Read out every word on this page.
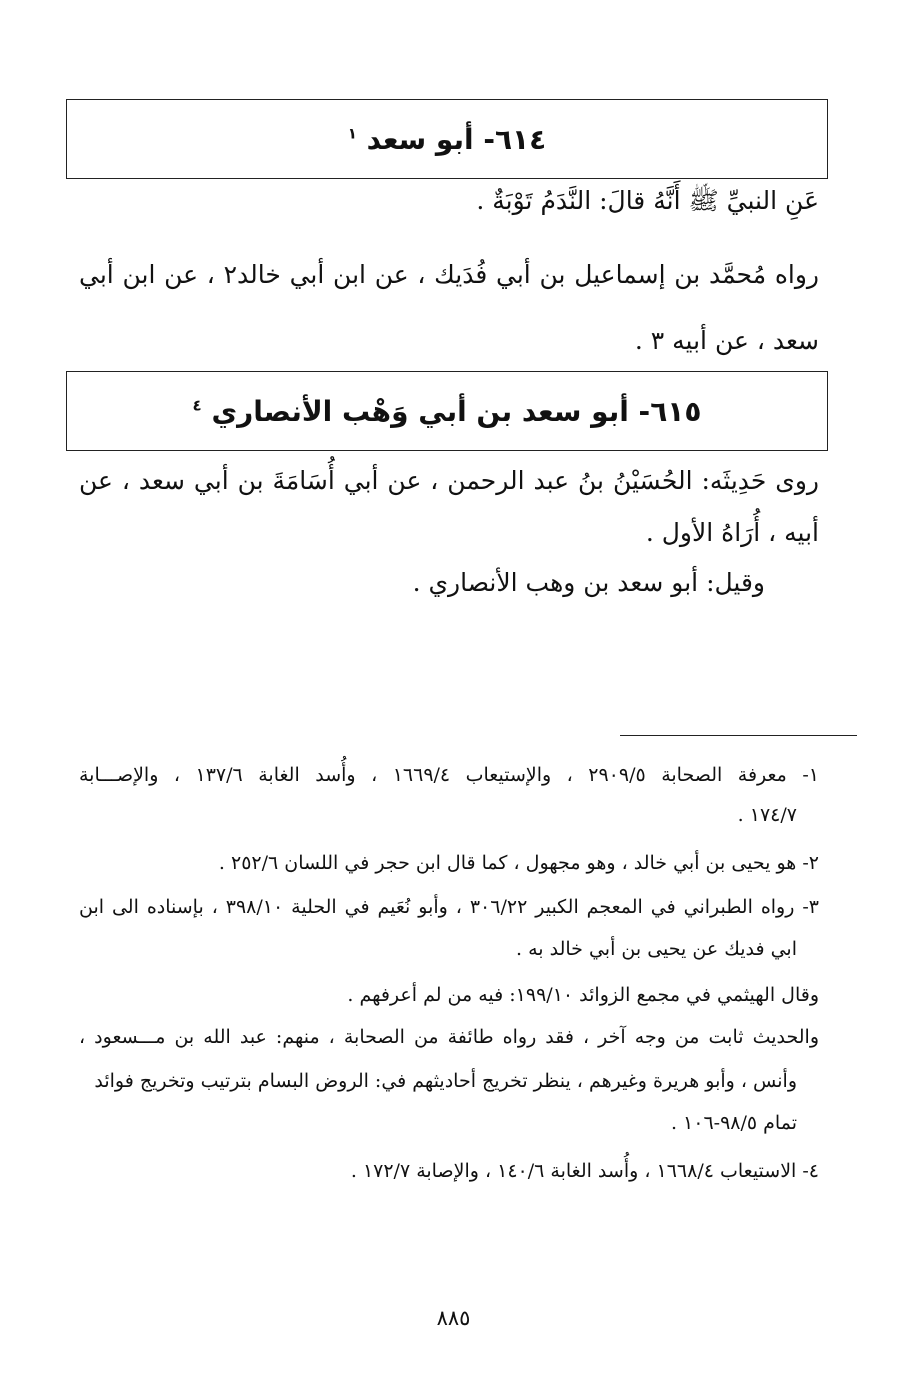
٦١٤- أبو سعد $^١$
عَنِ النبيِّ ﷺ أَنَّهُ قالَ: النَّدَمُ تَوْبَةٌ .
رواه مُحمَّد بن إسماعيل بن أبي فُدَيك ، عن ابن أبي خالد٢ ، عن ابن أبي
سعد ، عن أبيه ٣ .
٦١٥- أبو سعد بن أبي وَهْب الأنصاري $^٤$
روى حَدِيثَه: الحُسَيْنُ بنُ عبد الرحمن ، عن أبي أُسَامَةَ بن أبي سعد ، عن
أبيه ، أُرَاهُ الأول .
وقيل: أبو سعد بن وهب الأنصاري .
١- معرفة الصحابة ٢٩٠٩/٥ ، والإستيعاب ١٦٦٩/٤ ، وأُسد الغابة ١٣٧/٦ ، والإصـــابة
١٧٤/٧ .
٢- هو يحيى بن أبي خالد ، وهو مجهول ، كما قال ابن حجر في اللسان ٢٥٢/٦ .
٣- رواه الطبراني في المعجم الكبير ٣٠٦/٢٢ ، وأبو نُعَيم في الحلية ٣٩٨/١٠ ، بإسناده الى ابن
ابي فديك عن يحيى بن أبي خالد به .
وقال الهيثمي في مجمع الزوائد ١٩٩/١٠: فيه من لم أعرفهم .
والحديث ثابت من وجه آخر ، فقد رواه طائفة من الصحابة ، منهم: عبد الله بن مـــسعود ،
وأنس ، وأبو هريرة وغيرهم ، ينظر تخريج أحاديثهم في: الروض البسام بترتيب وتخريج فوائد
تمام ٩٨/٥-١٠٦ .
٤- الاستيعاب ١٦٦٨/٤ ، وأُسد الغابة ١٤٠/٦ ، والإصابة ١٧٢/٧ .
٨٨٥
